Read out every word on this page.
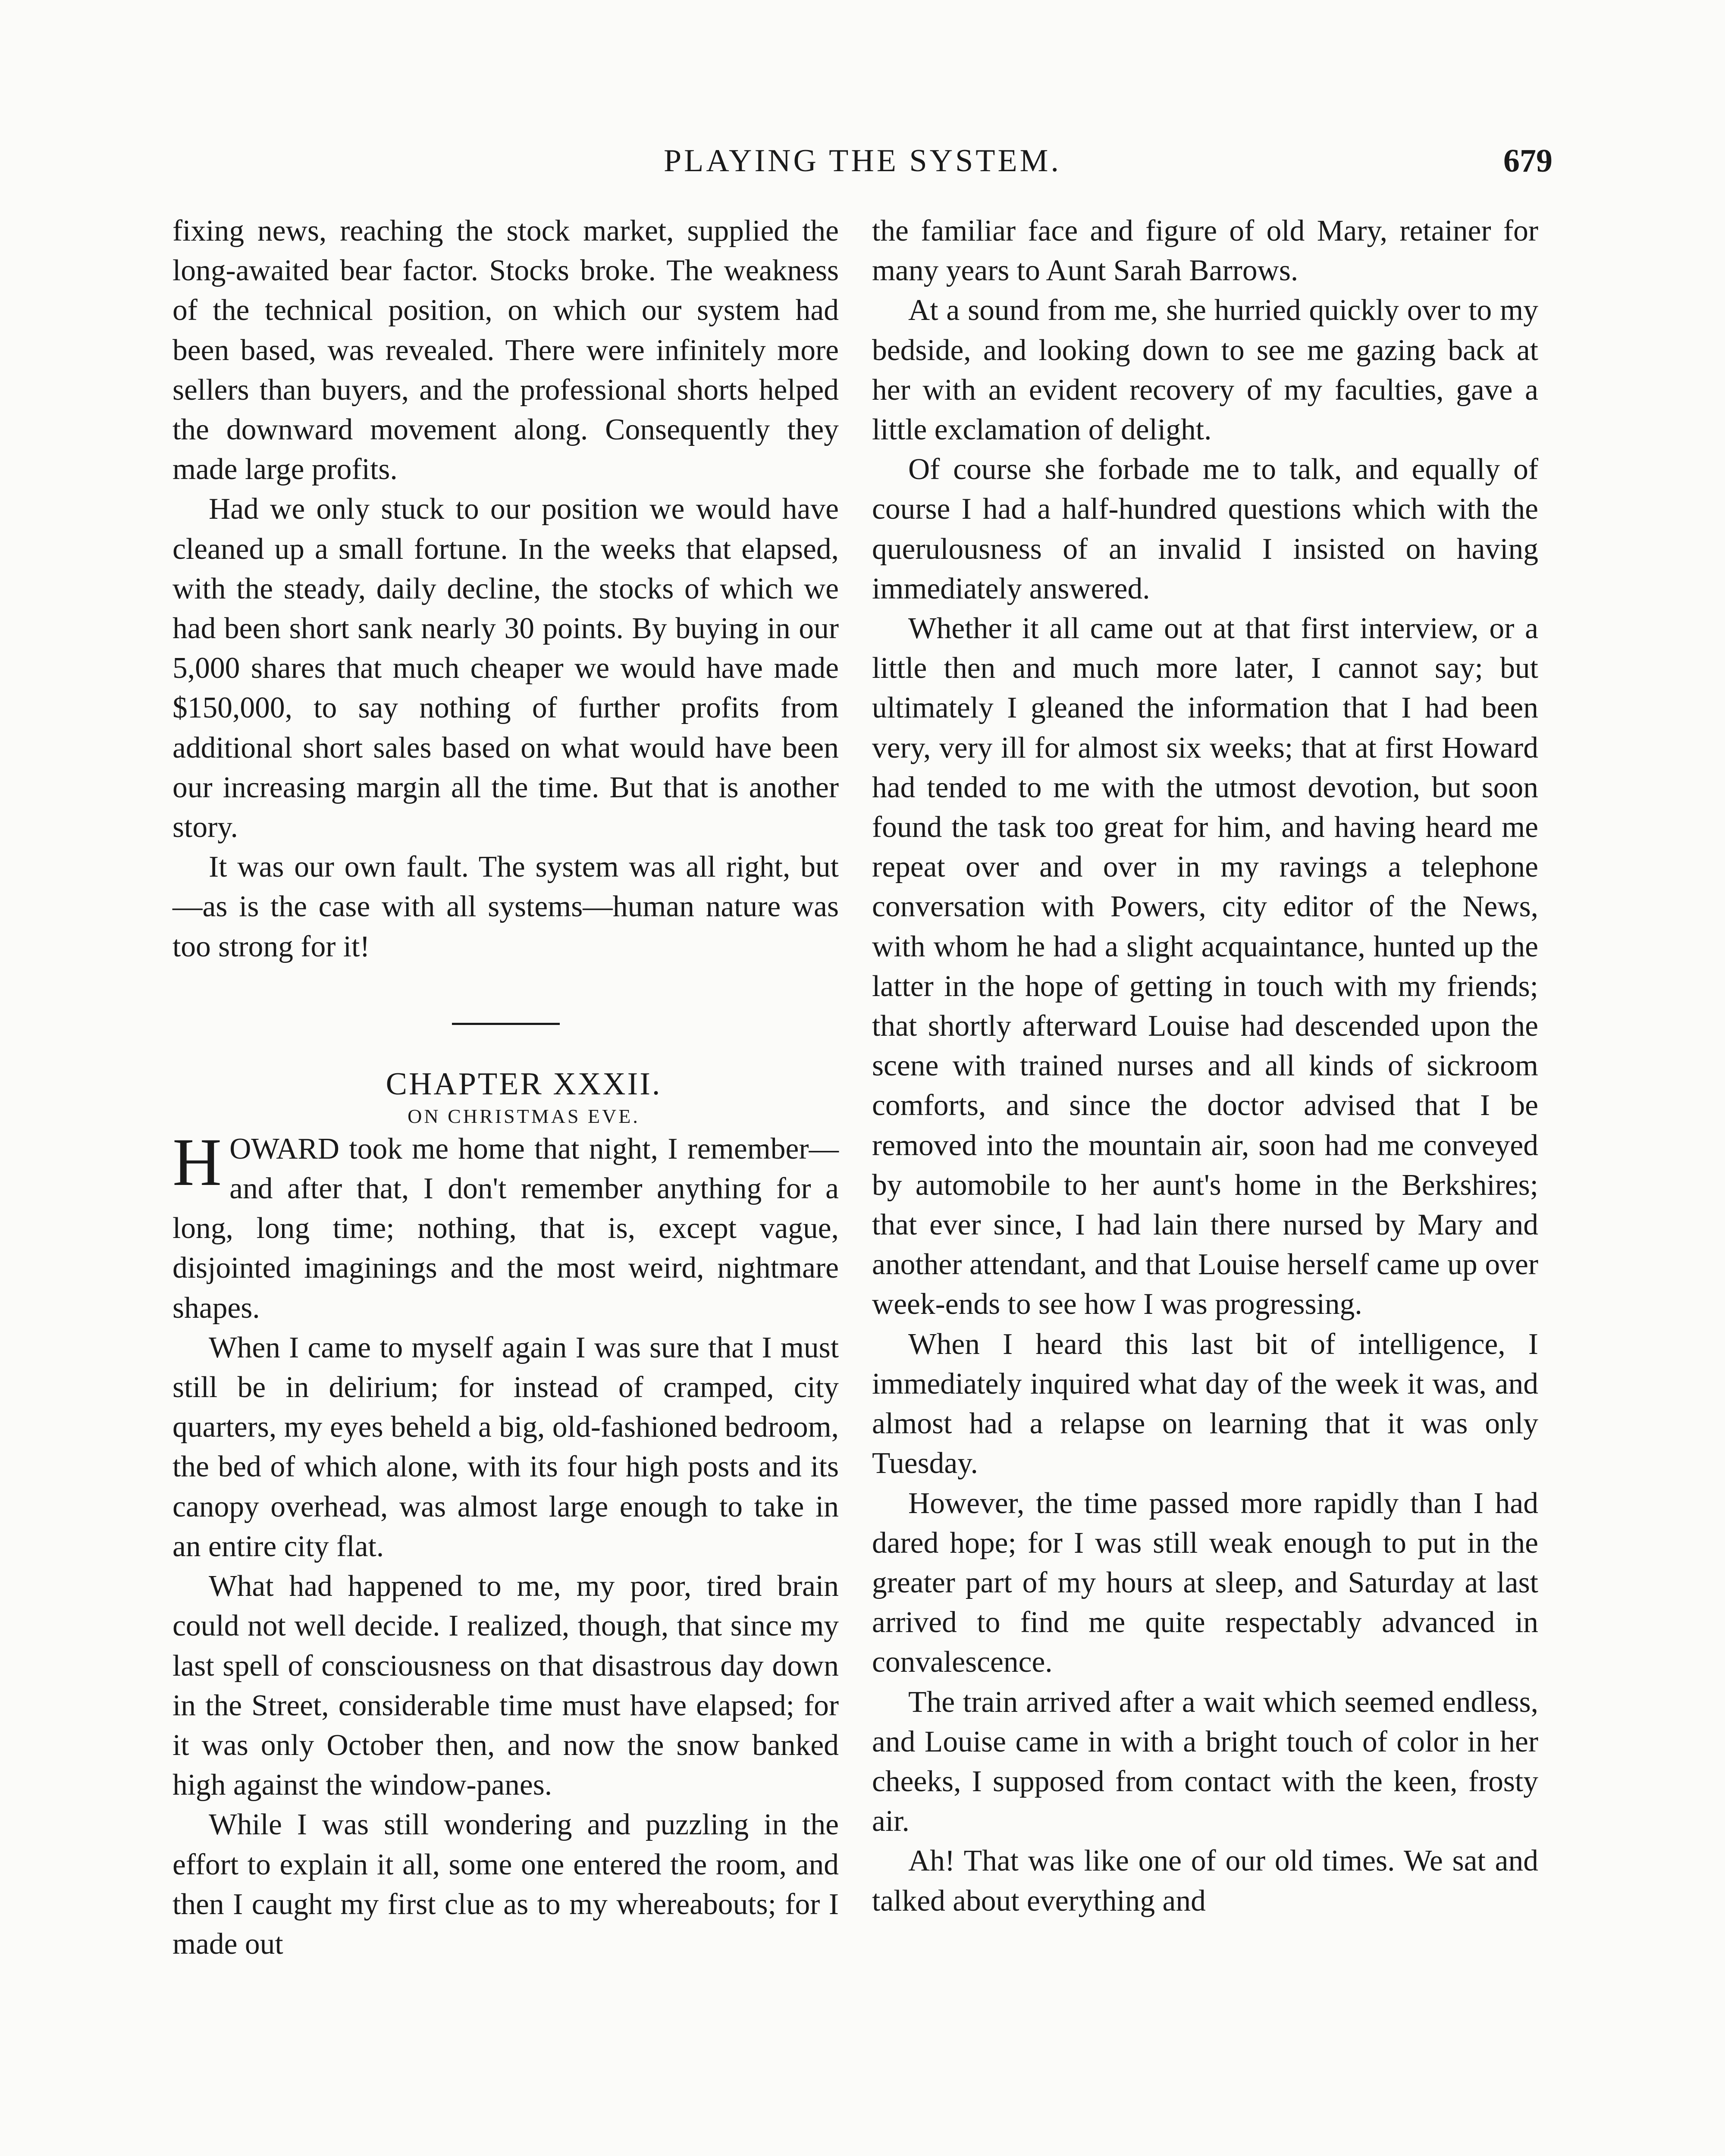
PLAYING THE SYSTEM.	679

fixing news, reaching the stock market, supplied the long-awaited bear factor. Stocks broke. The weakness of the technical position, on which our system had been based, was revealed. There were infinitely more sellers than buyers, and the professional shorts helped the downward movement along. Consequently they made large profits.

Had we only stuck to our position we would have cleaned up a small fortune. In the weeks that elapsed, with the steady, daily decline, the stocks of which we had been short sank nearly 30 points. By buying in our 5,000 shares that much cheaper we would have made $150,000, to say nothing of further profits from additional short sales based on what would have been our increasing margin all the time. But that is another story.

It was our own fault. The system was all right, but—as is the case with all systems—human nature was too strong for it!

CHAPTER XXXII.

ON CHRISTMAS EVE.

HOWARD took me home that night, I remember—and after that, I don't remember anything for a long, long time; nothing, that is, except vague, disjointed imaginings and the most weird, nightmare shapes.

When I came to myself again I was sure that I must still be in delirium; for instead of cramped, city quarters, my eyes beheld a big, old-fashioned bedroom, the bed of which alone, with its four high posts and its canopy overhead, was almost large enough to take in an entire city flat.

What had happened to me, my poor, tired brain could not well decide. I realized, though, that since my last spell of consciousness on that disastrous day down in the Street, considerable time must have elapsed; for it was only October then, and now the snow banked high against the window-panes.

While I was still wondering and puzzling in the effort to explain it all, some one entered the room, and then I caught my first clue as to my whereabouts; for I made out

the familiar face and figure of old Mary, retainer for many years to Aunt Sarah Barrows.

At a sound from me, she hurried quickly over to my bedside, and looking down to see me gazing back at her with an evident recovery of my faculties, gave a little exclamation of delight.

Of course she forbade me to talk, and equally of course I had a half-hundred questions which with the querulousness of an invalid I insisted on having immediately answered.

Whether it all came out at that first interview, or a little then and much more later, I cannot say; but ultimately I gleaned the information that I had been very, very ill for almost six weeks; that at first Howard had tended to me with the utmost devotion, but soon found the task too great for him, and having heard me repeat over and over in my ravings a telephone conversation with Powers, city editor of the News, with whom he had a slight acquaintance, hunted up the latter in the hope of getting in touch with my friends; that shortly afterward Louise had descended upon the scene with trained nurses and all kinds of sickroom comforts, and since the doctor advised that I be removed into the mountain air, soon had me conveyed by automobile to her aunt's home in the Berkshires; that ever since, I had lain there nursed by Mary and another attendant, and that Louise herself came up over week-ends to see how I was progressing.

When I heard this last bit of intelligence, I immediately inquired what day of the week it was, and almost had a relapse on learning that it was only Tuesday.

However, the time passed more rapidly than I had dared hope; for I was still weak enough to put in the greater part of my hours at sleep, and Saturday at last arrived to find me quite respectably advanced in convalescence.

The train arrived after a wait which seemed endless, and Louise came in with a bright touch of color in her cheeks, I supposed from contact with the keen, frosty air.

Ah! That was like one of our old times. We sat and talked about everything and
